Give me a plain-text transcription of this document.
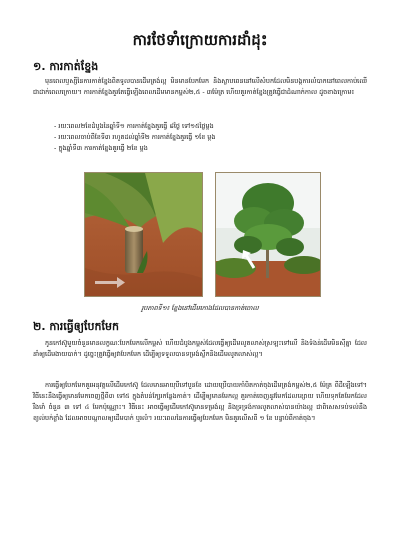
ការថែទាំក្រោយការដាំដុះ
១. ការកាត់ខ្នែង
មុនពេលឫស្សីនៃការកាត់ខ្នែងពិតទូលបានដើមត្រង់ល្អ មិនមានបែកមែក និងស្លាបពេននៅលើសំបកដែលមិនបង្កការលំបាកនៅពេលកាប់ឈើជាដាក់ពេលក្រោយ។ ការកាត់ខ្នែងគួរតែធ្វើឡើងពេលដើមមានកម្ពស់២,៥ - ៣ម៉ែត្រ ហើយគួរកាត់ខ្នែងត្រូវធ្វើជាដំណាក់កាល ដូចខាងក្រោម៖
- រយៈពេល២ខែដំបូងនៃឆ្នាំទី១ ការកាត់ខ្នែងគួរធ្វើ ៨ថ្ងៃ ទៅ១៥ថ្ងៃម្តង
- រយៈពេលចាប់ពីខែទី៣ រហូតដល់ឆ្នាំទី២ ការកាត់ខ្នែងគួរធ្វើ ១ខែ ម្តង
- ក្នុងឆ្នាំទី៣ ការកាត់ខ្នែងគួរធ្វើ ២ខែ ម្តង
រូបភាពទី១៖ ខ្នែងនៅដើមកោងដែលបានកាត់ចោល
២. ការធ្វើឲ្យបែកមែក
កូនកៅស៊ូមួយចំនួនមានលក្ខណៈបែកមែកលើកម្ពស់ ហើយដំបូងកម្ពស់ដែលធ្វើឲ្យដើមលូតលាស់ស្រឡះទៅលើ និងទំងន់ដើមមិនស៊ីគ្នា ដែលនាំឲ្យដើមងាយបាក់។ ដូច្នេះត្រូវធ្វើឲ្យវាបែកមែក ដើម្បីឲ្យទទួលបានទម្រង់ស្លឹកនិងដើមលូតលាស់ល្អ។
ការធ្វើឲ្យបែកមែកគួរអនុវត្តលើដើមកៅស៊ូ ដែលមានអាយុបីទៅបួនខែ ដោយប្រើបាយកាំបិតកាត់ចុងដើមត្រង់កម្ពស់២,៥ ម៉ែត្រ ពីដីឡើងទៅ។ វិធីនេះនឹងធ្វើឲ្យមានមែកចេញថ្មីពី៣ ទៅ៥ ក្នុងតំបន់ក្បែរកន្លែងកាត់។ ដើម្បីឲ្យមានមែកល្អ គួរកាត់ចេញនូវមែកដែលខ្សោយ ហើយទុកតែមែកដែលរឹងមាំ ចំនួន ៣ ទៅ ៤ មែកប៉ុណ្ណោះ។ វិធីនេះ អាចធ្វើឲ្យដើមកៅស៊ូមានទម្រង់ល្អ និងទ្រទ្រង់ការលូតលាស់បានយ៉ាងល្អ ជាពិសេសទប់ទល់នឹងខ្យល់បក់ខ្លាំង ដែលអាចបណ្តាលឲ្យដើមបាក់ ឬរលំ។ រយៈពេលនៃការធ្វើឲ្យបែកមែក មិនគួរលើសពី ១ ខែ បន្ទាប់ពីកាត់ចុង។
